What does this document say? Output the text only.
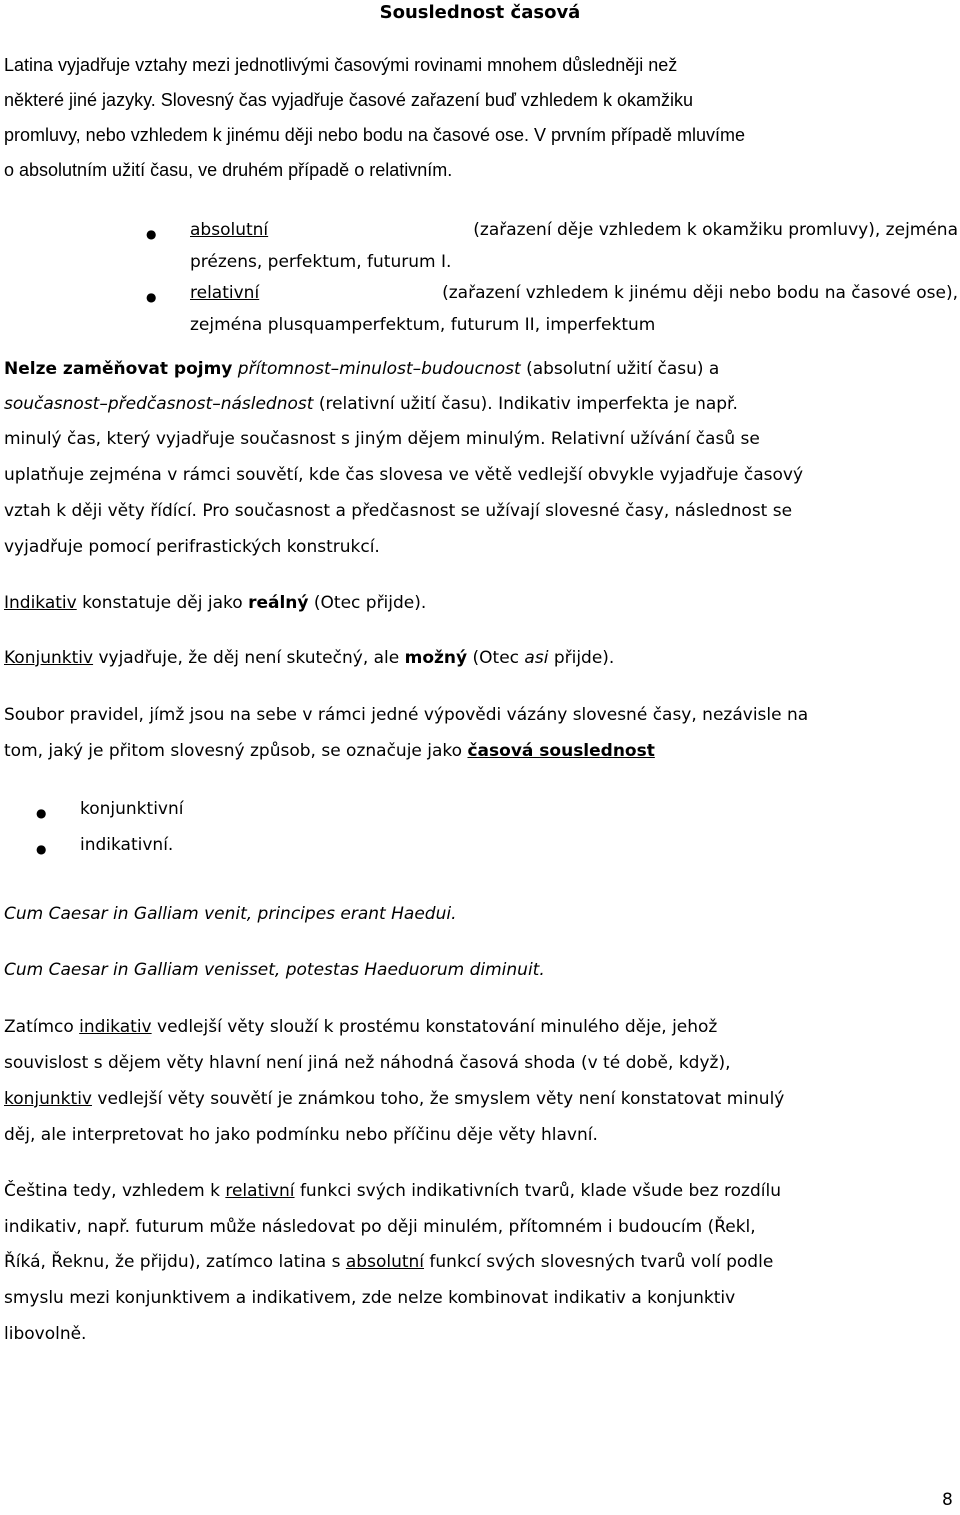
Souslednost časová
Latina vyjadřuje vztahy mezi jednotlivými časovými rovinami mnohem důsledněji než
některé jiné jazyky. Slovesný čas vyjadřuje časové zařazení buď vzhledem k okamžiku
promluvy, nebo vzhledem k jinému ději nebo bodu na časové ose. V prvním případě mluvíme
o absolutním užití času, ve druhém případě o relativním.
● absolutní	(zařazení děje vzhledem k okamžiku promluvy), zejména
prézens, perfektum, futurum I.
● relativní	(zařazení vzhledem k jinému ději nebo bodu na časové ose),
zejména plusquamperfektum, futurum II, imperfektum
Nelze zaměňovat pojmy přítomnost–minulost–budoucnost (absolutní užití času) a
současnost–předčasnost–následnost (relativní užití času). Indikativ imperfekta je např.
minulý čas, který vyjadřuje současnost s jiným dějem minulým. Relativní užívání časů se
uplatňuje zejména v rámci souvětí, kde čas slovesa ve větě vedlejší obvykle vyjadřuje časový
vztah k ději věty řídící. Pro současnost a předčasnost se užívají slovesné časy, následnost se
vyjadřuje pomocí perifrastických konstrukcí.
Indikativ konstatuje děj jako reálný (Otec přijde).
Konjunktiv vyjadřuje, že děj není skutečný, ale možný (Otec asi přijde).
Soubor pravidel, jímž jsou na sebe v rámci jedné výpovědi vázány slovesné časy, nezávisle na
tom, jaký je přitom slovesný způsob, se označuje jako časová souslednost
● konjunktivní
● indikativní.
Cum Caesar in Galliam venit, principes erant Haedui.
Cum Caesar in Galliam venisset, potestas Haeduorum diminuit.
Zatímco indikativ vedlejší věty slouží k prostému konstatování minulého děje, jehož
souvislost s dějem věty hlavní není jiná než náhodná časová shoda (v té době, když),
konjunktiv vedlejší věty souvětí je známkou toho, že smyslem věty není konstatovat minulý
děj, ale interpretovat ho jako podmínku nebo příčinu děje věty hlavní.
Čeština tedy, vzhledem k relativní funkci svých indikativních tvarů, klade všude bez rozdílu
indikativ, např. futurum může následovat po ději minulém, přítomném i budoucím (Řekl,
Říká, Řeknu, že přijdu), zatímco latina s absolutní funkcí svých slovesných tvarů volí podle
smyslu mezi konjunktivem a indikativem, zde nelze kombinovat indikativ a konjunktiv
libovolně.
8
